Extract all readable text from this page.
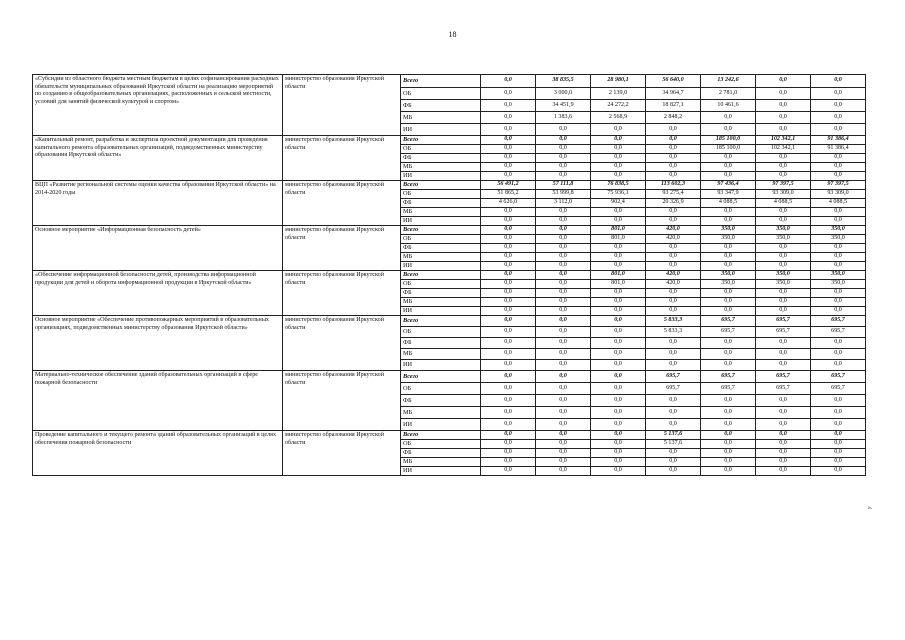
18
«Субсидии из областного бюджета местным бюджетам в целях софинансирования расходных обязательств муниципальных образований Иркутской области на реализацию мероприятий по созданию в общеобразовательных организациях, расположенных в сельской местности, условий для занятий физической культурой и спортом»	министерство образования Иркутской области	Всего	0,0	38 835,5	28 980,1	56 640,0	13 242,6	0,0	0,0
		ОБ	0,0	3 000,0	2 139,0	34 964,7	2 781,0	0,0	0,0
		ФБ	0,0	34 451,9	24 272,2	18 827,1	10 461,6	0,0	0,0
		МБ	0,0	1 383,6	2 568,9	2 848,2	0,0	0,0	0,0
		ИИ	0,0	0,0	0,0	0,0	0,0	0,0	0,0
«Капитальный ремонт, разработка и экспертиза проектной документации для проведения капитального ремонта образовательных организаций, подведомственных министерству образования Иркутской области»	министерство образования Иркутской области	Всего	0,0	0,0	0,0	0,0	185 100,0	102 342,1	91 386,4
		ОБ	0,0	0,0	0,0	0,0	185 100,0	102 342,1	91 386,4
		ФБ	0,0	0,0	0,0	0,0	0,0	0,0	0,0
		МБ	0,0	0,0	0,0	0,0	0,0	0,0	0,0
		ИИ	0,0	0,0	0,0	0,0	0,0	0,0	0,0
ВЦП «Развитие региональной системы оценки качества образования Иркутской области» на 2014-2020 годы	министерство образования Иркутской области	Всего	56 491,2	57 111,8	76 838,5	113 602,3	97 436,4	97 397,5	97 397,5
		ОБ	51 865,2	53 999,8	75 936,1	93 275,4	93 347,9	93 309,0	93 309,0
		ФБ	4 626,0	3 112,0	902,4	20 326,9	4 088,5	4 088,5	4 088,5
		МБ	0,0	0,0	0,0	0,0	0,0	0,0	0,0
		ИИ	0,0	0,0	0,0	0,0	0,0	0,0	0,0
Основное мероприятие «Информационная безопасность детей»	министерство образования Иркутской области	Всего	0,0	0,0	801,0	420,0	350,0	350,0	350,0
		ОБ	0,0	0,0	801,0	420,0	350,0	350,0	350,0
		ФБ	0,0	0,0	0,0	0,0	0,0	0,0	0,0
		МБ	0,0	0,0	0,0	0,0	0,0	0,0	0,0
		ИИ	0,0	0,0	0,0	0,0	0,0	0,0	0,0
«Обеспечение информационной безопасности детей, производства информационной продукции для детей и оборота информационной продукции в Иркутской области»	министерство образования Иркутской области	Всего	0,0	0,0	801,0	420,0	350,0	350,0	350,0
		ОБ	0,0	0,0	801,0	420,0	350,0	350,0	350,0
		ФБ	0,0	0,0	0,0	0,0	0,0	0,0	0,0
		МБ	0,0	0,0	0,0	0,0	0,0	0,0	0,0
		ИИ	0,0	0,0	0,0	0,0	0,0	0,0	0,0
Основное мероприятие «Обеспечение противопожарных мероприятий в образовательных организациях, подведомственных министерству образования Иркутской области»	министерство образования Иркутской области	Всего	0,0	0,0	0,0	5 833,3	695,7	695,7	695,7
		ОБ	0,0	0,0	0,0	5 833,3	695,7	695,7	695,7
		ФБ	0,0	0,0	0,0	0,0	0,0	0,0	0,0
		МБ	0,0	0,0	0,0	0,0	0,0	0,0	0,0
		ИИ	0,0	0,0	0,0	0,0	0,0	0,0	0,0
Материально-техническое обеспечение зданий образовательных организаций в сфере пожарной безопасности	министерство образования Иркутской области	Всего	0,0	0,0	0,0	695,7	695,7	695,7	695,7
		ОБ	0,0	0,0	0,0	695,7	695,7	695,7	695,7
		ФБ	0,0	0,0	0,0	0,0	0,0	0,0	0,0
		МБ	0,0	0,0	0,0	0,0	0,0	0,0	0,0
		ИИ	0,0	0,0	0,0	0,0	0,0	0,0	0,0
Проведение капитального и текущего ремонта зданий образовательных организаций в целях обеспечения пожарной безопасности	министерство образования Иркутской области	Всего	0,0	0,0	0,0	5 137,6	0,0	0,0	0,0
		ОБ	0,0	0,0	0,0	5 137,6	0,0	0,0	0,0
		ФБ	0,0	0,0	0,0	0,0	0,0	0,0	0,0
		МБ	0,0	0,0	0,0	0,0	0,0	0,0	0,0
		ИИ	0,0	0,0	0,0	0,0	0,0	0,0	0,0
».
